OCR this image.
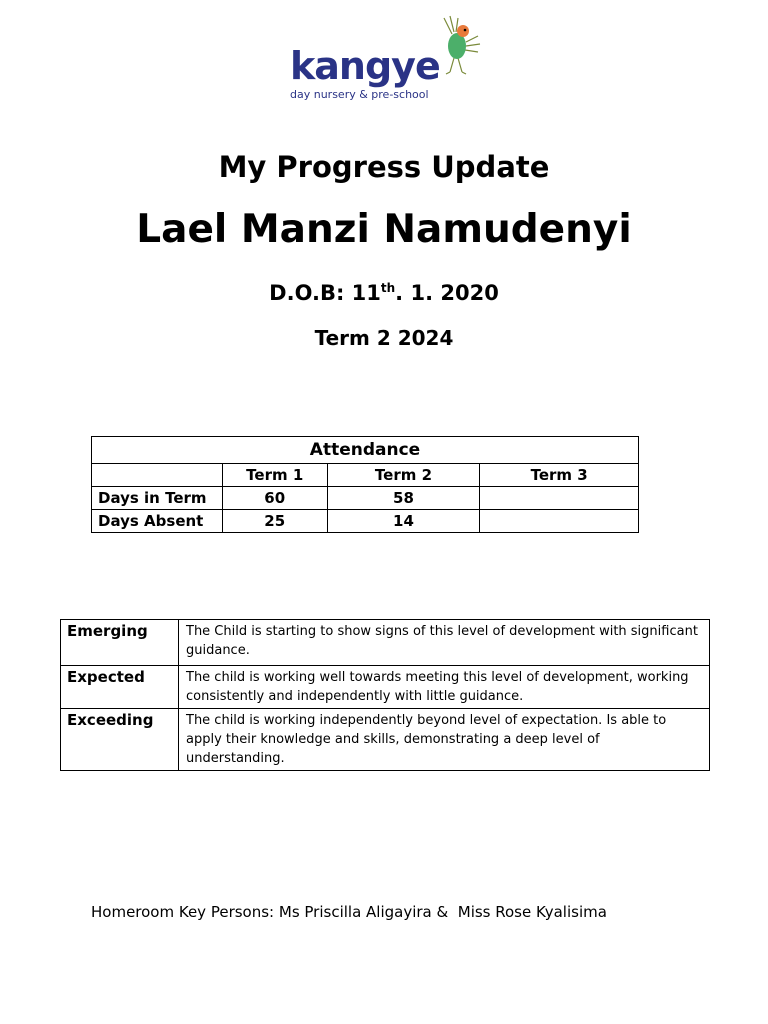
kangye
day nursery & pre-school
My Progress Update
Lael Manzi Namudenyi
D.O.B: 11th. 1. 2020
Term 2 2024
Attendance			
	Term 1	Term 2	Term 3
Days in Term	60	58	
Days Absent	25	14	
Emerging	The Child is starting to show signs of this level of development with significant guidance.
Expected	The child is working well towards meeting this level of development, working consistently and independently with little guidance.
Exceeding	The child is working independently beyond level of expectation. Is able to apply their knowledge and skills, demonstrating a deep level of understanding.
Homeroom Key Persons: Ms Priscilla Aligayira &  Miss Rose Kyalisima
